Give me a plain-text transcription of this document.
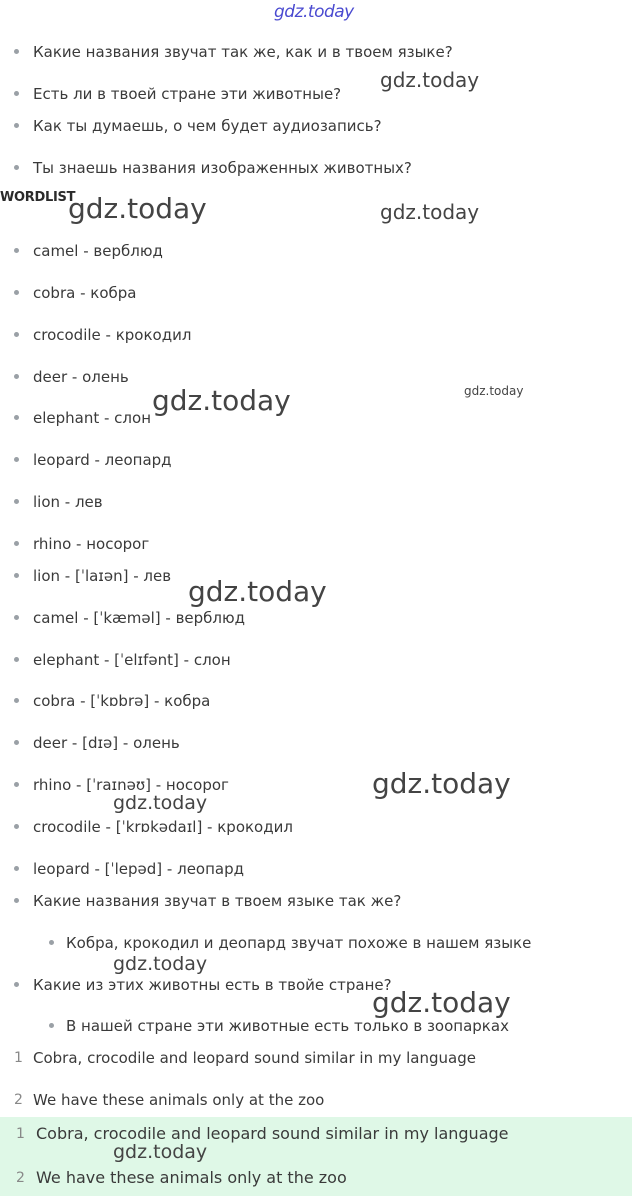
Какие названия звучат так же, как и в твоем языке?
Есть ли в твоей стране эти животные?
Как ты думаешь, о чем будет аудиозапись?
Ты знаешь названия изображенных животных?
WORDLIST
camel - верблюд
cobra - кобра
crocodile - крокодил
deer - олень
elephant - слон
leopard - леопард
lion - лев
rhino - носорог
lion - [ˈlaɪən] - лев
camel - [ˈkæməl] - верблюд
elephant - [ˈelɪfənt] - слон
cobra - [ˈkɒbrə] - кобра
deer - [dɪə] - олень
rhino - [ˈraɪnəʊ] - носорог
crocodile - [ˈkrɒkədaɪl] - крокодил
leopard - [ˈlepəd] - леопард
Какие названия звучат в твоем языке так же?
Кобра, крокодил и деопард звучат похоже в нашем языке
Какие из этих животны есть в твойе стране?
В нашей стране эти животные есть только в зоопарках
1 Cobra, crocodile and leopard sound similar in my language
2 We have these animals only at the zoo
1 Cobra, crocodile and leopard sound similar in my language
2 We have these animals only at the zoo
gdz.today
gdz.today
gdz.today	gdz.today
gdz.today
gdz.today
gdz.today
gdz.today
gdz.today
gdz.today
gdz.today
gdz.today
